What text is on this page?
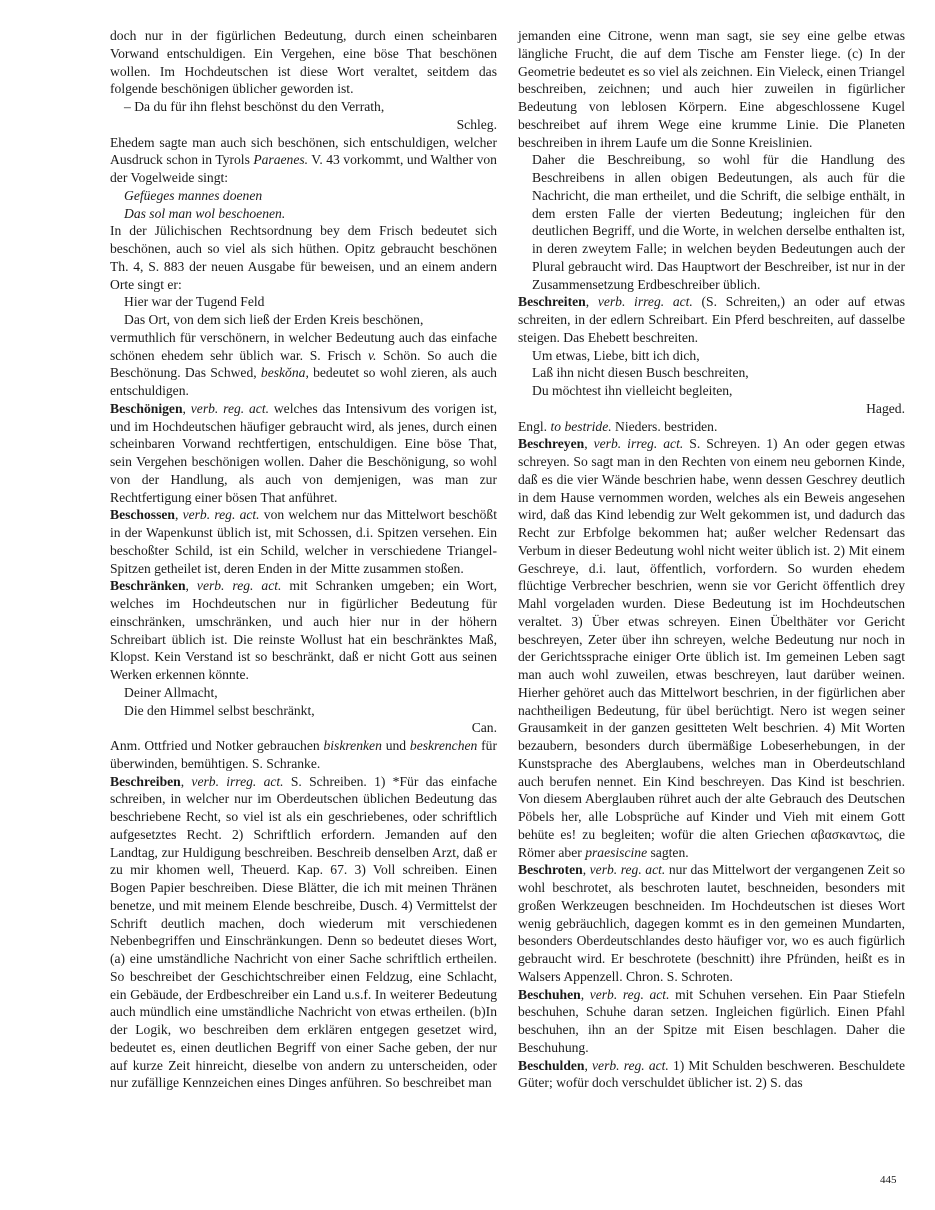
doch nur in der figürlichen Bedeutung, durch einen scheinbaren Vorwand entschuldigen. Ein Vergehen, eine böse That beschönen wollen. Im Hochdeutschen ist diese Wort veraltet, seitdem das folgende beschönigen üblicher geworden ist.

– Da du für ihn flehst beschönst du den Verrath,

Schleg.

Ehedem sagte man auch sich beschönen, sich entschuldigen, welcher Ausdruck schon in Tyrols Paraenes. V. 43 vorkommt, und Walther von der Vogelweide singt:

Gefüeges mannes doenen

Das sol man wol beschoenen.

In der Jülichischen Rechtsordnung bey dem Frisch bedeutet sich beschönen, auch so viel als sich hüthen. Opitz gebraucht beschönen Th. 4, S. 883 der neuen Ausgabe für beweisen, und an einem andern Orte singt er:

Hier war der Tugend Feld

Das Ort, von dem sich ließ der Erden Kreis beschönen,

vermuthlich für verschönern, in welcher Bedeutung auch das einfache schönen ehedem sehr üblich war. S. Frisch v. Schön. So auch die Beschönung. Das Schwed, beskŏna, bedeutet so wohl zieren, als auch entschuldigen.

Beschönigen, verb. reg. act. welches das Intensivum des vorigen ist, und im Hochdeutschen häufiger gebraucht wird, als jenes, durch einen scheinbaren Vorwand rechtfertigen, entschuldigen. Eine böse That, sein Vergehen beschönigen wollen. Daher die Beschönigung, so wohl von der Handlung, als auch von demjenigen, was man zur Rechtfertigung einer bösen That anführet.

Beschossen, verb. reg. act. von welchem nur das Mittelwort beschößt in der Wapenkunst üblich ist, mit Schossen, d.i. Spitzen versehen. Ein beschoßter Schild, ist ein Schild, welcher in verschiedene Triangel-Spitzen getheilet ist, deren Enden in der Mitte zusammen stoßen.

Beschränken, verb. reg. act. mit Schranken umgeben; ein Wort, welches im Hochdeutschen nur in figürlicher Bedeutung für einschränken, umschränken, und auch hier nur in der höhern Schreibart üblich ist. Die reinste Wollust hat ein beschränktes Maß, Klopst. Kein Verstand ist so beschränkt, daß er nicht Gott aus seinen Werken erkennen könnte.

Deiner Allmacht,

Die den Himmel selbst beschränkt,

Can.

Anm. Ottfried und Notker gebrauchen biskrenken und beskrenchen für überwinden, bemühtigen. S. Schranke.

Beschreiben, verb. irreg. act. S. Schreiben. 1) *Für das einfache schreiben, in welcher nur im Oberdeutschen üblichen Bedeutung das beschriebene Recht, so viel ist als ein geschriebenes, oder schriftlich aufgesetztes Recht. 2) Schriftlich erfordern. Jemanden auf den Landtag, zur Huldigung beschreiben. Beschreib denselben Arzt, daß er zu mir khomen well, Theuerd. Kap. 67. 3) Voll schreiben. Einen Bogen Papier beschreiben. Diese Blätter, die ich mit meinen Thränen benetze, und mit meinem Elende beschreibe, Dusch. 4) Vermittelst der Schrift deutlich machen, doch wiederum mit verschiedenen Nebenbegriffen und Einschränkungen. Denn so bedeutet dieses Wort, (a) eine umständliche Nachricht von einer Sache schriftlich ertheilen. So beschreibet der Geschichtschreiber einen Feldzug, eine Schlacht, ein Gebäude, der Erdbeschreiber ein Land u.s.f. In weiterer Bedeutung auch mündlich eine umständliche Nachricht von etwas ertheilen. (b)In der Logik, wo beschreiben dem erklären entgegen gesetzet wird, bedeutet es, einen deutlichen Begriff von einer Sache geben, der nur auf kurze Zeit hinreicht, dieselbe von andern zu unterscheiden, oder nur zufällige Kennzeichen eines Dinges anführen. So beschreibet man

jemanden eine Citrone, wenn man sagt, sie sey eine gelbe etwas längliche Frucht, die auf dem Tische am Fenster liege. (c) In der Geometrie bedeutet es so viel als zeichnen. Ein Vieleck, einen Triangel beschreiben, zeichnen; und auch hier zuweilen in figürlicher Bedeutung von leblosen Körpern. Eine abgeschlossene Kugel beschreibet auf ihrem Wege eine krumme Linie. Die Planeten beschreiben in ihrem Laufe um die Sonne Kreislinien.

Daher die Beschreibung, so wohl für die Handlung des Beschreibens in allen obigen Bedeutungen, als auch für die Nachricht, die man ertheilet, und die Schrift, die selbige enthält, in dem ersten Falle der vierten Bedeutung; ingleichen für den deutlichen Begriff, und die Worte, in welchen derselbe enthalten ist, in deren zweytem Falle; in welchen beyden Bedeutungen auch der Plural gebraucht wird. Das Hauptwort der Beschreiber, ist nur in der Zusammensetzung Erdbeschreiber üblich.

Beschreiten, verb. irreg. act. (S. Schreiten,) an oder auf etwas schreiten, in der edlern Schreibart. Ein Pferd beschreiten, auf dasselbe steigen. Das Ehebett beschreiten.

Um etwas, Liebe, bitt ich dich,

Laß ihn nicht diesen Busch beschreiten,

Du möchtest ihn vielleicht begleiten,

Haged.

Engl. to bestride. Nieders. bestriden.

Beschreyen, verb. irreg. act. S. Schreyen. 1) An oder gegen etwas schreyen. So sagt man in den Rechten von einem neu gebornen Kinde, daß es die vier Wände beschrien habe, wenn dessen Geschrey deutlich in dem Hause vernommen worden, welches als ein Beweis angesehen wird, daß das Kind lebendig zur Welt gekommen ist, und dadurch das Recht zur Erbfolge bekommen hat; außer welcher Redensart das Verbum in dieser Bedeutung wohl nicht weiter üblich ist. 2) Mit einem Geschreye, d.i. laut, öffentlich, vorfordern. So wurden ehedem flüchtige Verbrecher beschrien, wenn sie vor Gericht öffentlich drey Mahl vorgeladen wurden. Diese Bedeutung ist im Hochdeutschen veraltet. 3) Über etwas schreyen. Einen Übelthäter vor Gericht beschreyen, Zeter über ihn schreyen, welche Bedeutung nur noch in der Gerichtssprache einiger Orte üblich ist. Im gemeinen Leben sagt man auch wohl zuweilen, etwas beschreyen, laut darüber weinen. Hierher gehöret auch das Mittelwort beschrien, in der figürlichen aber nachtheiligen Bedeutung, für übel berüchtigt. Nero ist wegen seiner Grausamkeit in der ganzen gesitteten Welt beschrien. 4) Mit Worten bezaubern, besonders durch übermäßige Lobeserhebungen, in der Kunstsprache des Aberglaubens, welches man in Oberdeutschland auch berufen nennet. Ein Kind beschreyen. Das Kind ist beschrien. Von diesem Aberglauben rühret auch der alte Gebrauch des Deutschen Pöbels her, alle Lobsprüche auf Kinder und Vieh mit einem Gott behüte es! zu begleiten; wofür die alten Griechen αβασκαντως, die Römer aber praesiscine sagten.

Beschroten, verb. reg. act. nur das Mittelwort der vergangenen Zeit so wohl beschrotet, als beschroten lautet, beschneiden, besonders mit großen Werkzeugen beschneiden. Im Hochdeutschen ist dieses Wort wenig gebräuchlich, dagegen kommt es in den gemeinen Mundarten, besonders Oberdeutschlandes desto häufiger vor, wo es auch figürlich gebraucht wird. Er beschrotete (beschnitt) ihre Pfründen, heißt es in Walsers Appenzell. Chron. S. Schroten.

Beschuhen, verb. reg. act. mit Schuhen versehen. Ein Paar Stiefeln beschuhen, Schuhe daran setzen. Ingleichen figürlich. Einen Pfahl beschuhen, ihn an der Spitze mit Eisen beschlagen. Daher die Beschuhung.

Beschulden, verb. reg. act. 1) Mit Schulden beschweren. Beschuldete Güter; wofür doch verschuldet üblicher ist. 2) S. das

445
